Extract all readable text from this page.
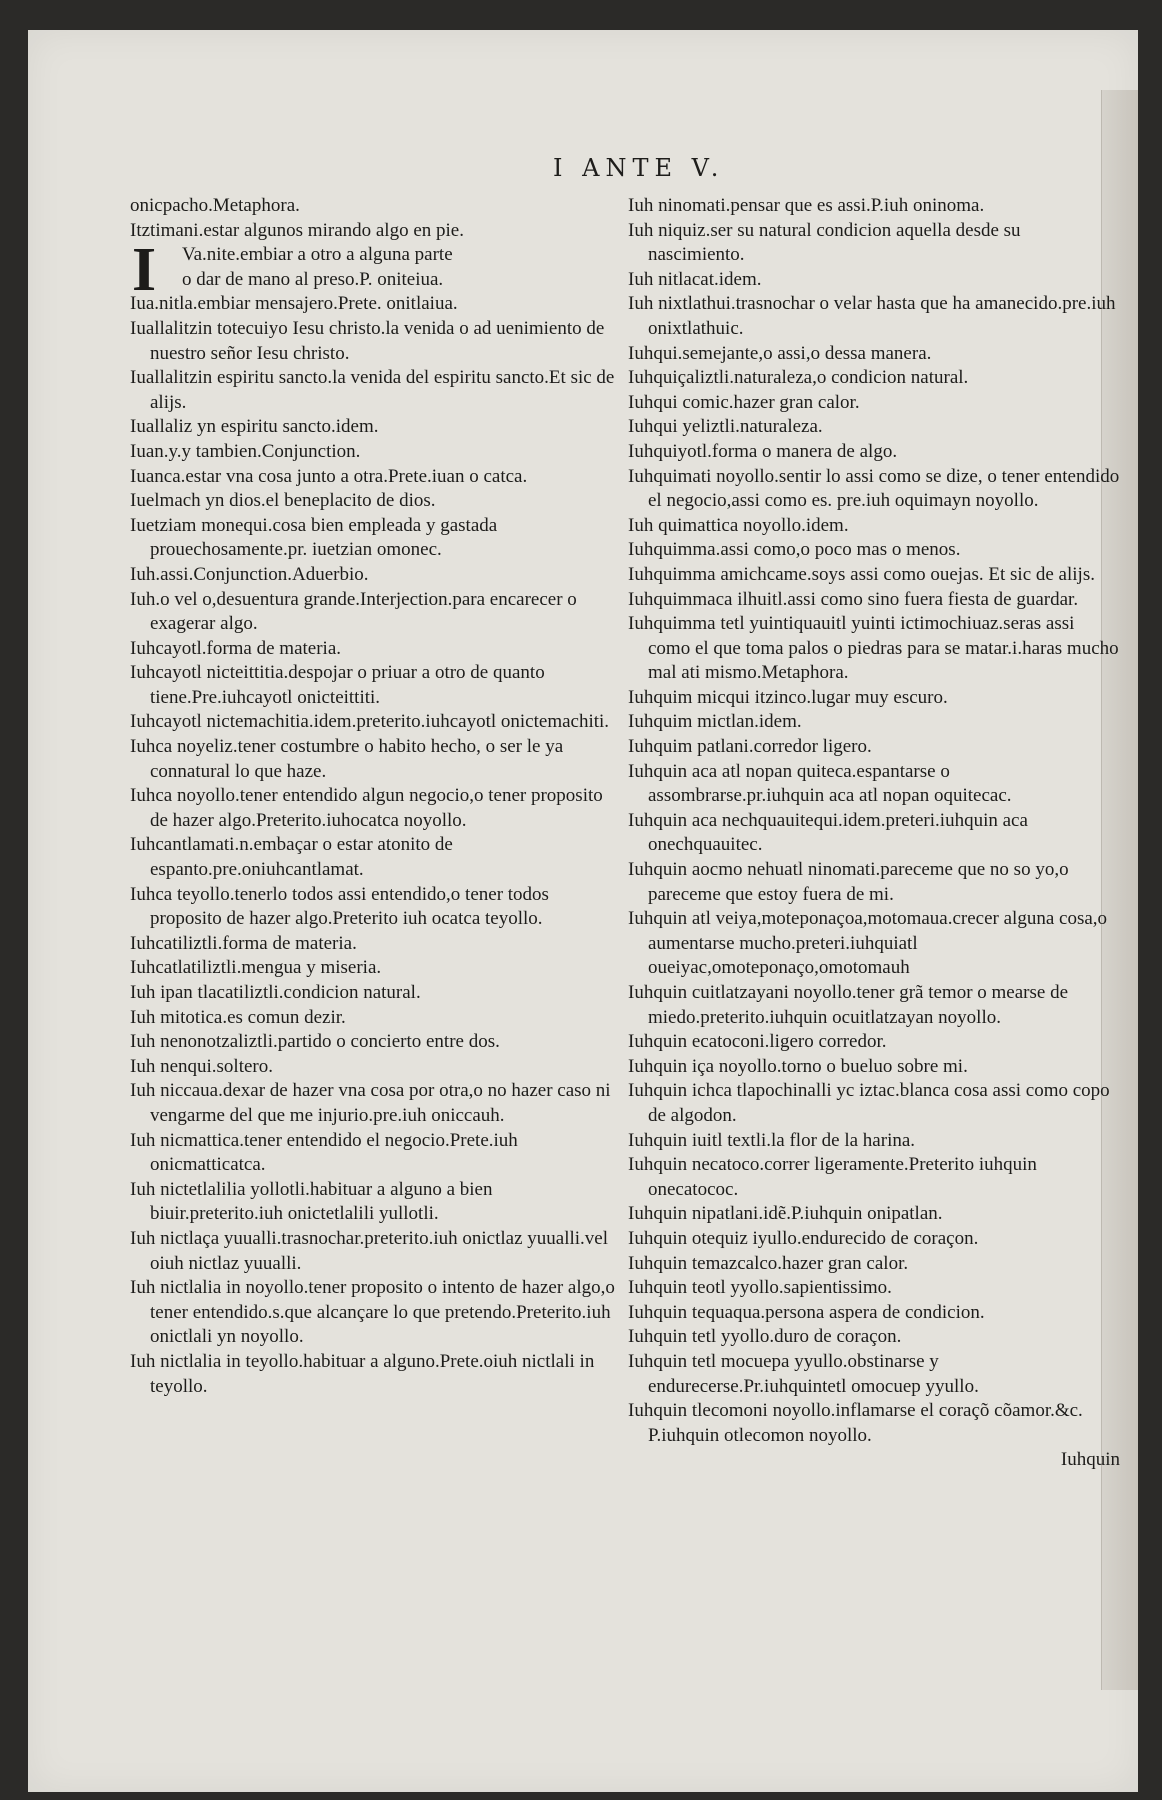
I ANTE V.

onicpacho.Metaphora.

Itztimani.estar algunos mirando algo en pie.

I Va.nite.embiar a otro a alguna parte
o dar de mano al preso.P. oniteiua.

Iua.nitla.embiar mensajero.Prete. onitlaiua.

Iuallalitzin totecuiyo Iesu christo.la venida o ad uenimiento de nuestro señor Iesu christo.

Iuallalitzin espiritu sancto.la venida del espiritu sancto.Et sic de alijs.

Iuallaliz yn espiritu sancto.idem.

Iuan.y.y tambien.Conjunction.

Iuanca.estar vna cosa junto a otra.Prete.iuan o catca.

Iuelmach yn dios.el beneplacito de dios.

Iuetziam monequi.cosa bien empleada y gastada prouechosamente.pr. iuetzian omonec.

Iuh.assi.Conjunction.Aduerbio.

Iuh.o vel o,desuentura grande.Interjection.para encarecer o exagerar algo.

Iuhcayotl.forma de materia.

Iuhcayotl nicteittitia.despojar o priuar a otro de quanto tiene.Pre.iuhcayotl onicteittiti.

Iuhcayotl nictemachitia.idem.preterito.iuhcayotl onictemachiti.

Iuhca noyeliz.tener costumbre o habito hecho, o ser le ya connatural lo que haze.

Iuhca noyollo.tener entendido algun negocio,o tener proposito de hazer algo.Preterito.iuhocatca noyollo.

Iuhcantlamati.n.embaçar o estar atonito de espanto.pre.oniuhcantlamat.

Iuhca teyollo.tenerlo todos assi entendido,o tener todos proposito de hazer algo.Preterito iuh ocatca teyollo.

Iuhcatiliztli.forma de materia.

Iuhcatlatiliztli.mengua y miseria.

Iuh ipan tlacatiliztli.condicion natural.

Iuh mitotica.es comun dezir.

Iuh nenonotzaliztli.partido o concierto entre dos.

Iuh nenqui.soltero.

Iuh niccaua.dexar de hazer vna cosa por otra,o no hazer caso ni vengarme del que me injurio.pre.iuh oniccauh.

Iuh nicmattica.tener entendido el negocio.Prete.iuh onicmatticatca.

Iuh nictetlalilia yollotli.habituar a alguno a bien biuir.preterito.iuh onictetlalili yullotli.

Iuh nictlaça yuualli.trasnochar.preterito.iuh onictlaz yuualli.vel oiuh nictlaz yuualli.

Iuh nictlalia in noyollo.tener proposito o intento de hazer algo,o tener entendido.s.que alcançare lo que pretendo.Preterito.iuh onictlali yn noyollo.

Iuh nictlalia in teyollo.habituar a alguno.Prete.oiuh nictlali in teyollo.

Iuh ninomati.pensar que es assi.P.iuh oninoma.

Iuh niquiz.ser su natural condicion aquella desde su nascimiento.

Iuh nitlacat.idem.

Iuh nixtlathui.trasnochar o velar hasta que ha amanecido.pre.iuh onixtlathuic.

Iuhqui.semejante,o assi,o dessa manera.

Iuhquiçaliztli.naturaleza,o condicion natural.

Iuhqui comic.hazer gran calor.

Iuhqui yeliztli.naturaleza.

Iuhquiyotl.forma o manera de algo.

Iuhquimati noyollo.sentir lo assi como se dize, o tener entendido el negocio,assi como es. pre.iuh oquimayn noyollo.

Iuh quimattica noyollo.idem.

Iuhquimma.assi como,o poco mas o menos.

Iuhquimma amichcame.soys assi como ouejas. Et sic de alijs.

Iuhquimmaca ilhuitl.assi como sino fuera fiesta de guardar.

Iuhquimma tetl yuintiquauitl yuinti ictimochiuaz.seras assi como el que toma palos o piedras para se matar.i.haras mucho mal ati mismo.Metaphora.

Iuhquim micqui itzinco.lugar muy escuro.

Iuhquim mictlan.idem.

Iuhquim patlani.corredor ligero.

Iuhquin aca atl nopan quiteca.espantarse o assombrarse.pr.iuhquin aca atl nopan oquitecac.

Iuhquin aca nechquauitequi.idem.preteri.iuhquin aca onechquauitec.

Iuhquin aocmo nehuatl ninomati.pareceme que no so yo,o pareceme que estoy fuera de mi.

Iuhquin atl veiya,moteponaçoa,motomaua.crecer alguna cosa,o aumentarse mucho.preteri.iuhquiatl oueiyac,omoteponaço,omotomauh

Iuhquin cuitlatzayani noyollo.tener grã temor o mearse de miedo.preterito.iuhquin ocuitlatzayan noyollo.

Iuhquin ecatoconi.ligero corredor.

Iuhquin iça noyollo.torno o bueluo sobre mi.

Iuhquin ichca tlapochinalli yc iztac.blanca cosa assi como copo de algodon.

Iuhquin iuitl textli.la flor de la harina.

Iuhquin necatoco.correr ligeramente.Preterito iuhquin onecatococ.

Iuhquin nipatlani.idẽ.P.iuhquin onipatlan.

Iuhquin otequiz iyullo.endurecido de coraçon.

Iuhquin temazcalco.hazer gran calor.

Iuhquin teotl yyollo.sapientissimo.

Iuhquin tequaqua.persona aspera de condicion.

Iuhquin tetl yyollo.duro de coraçon.

Iuhquin tetl mocuepa yyullo.obstinarse y endurecerse.Pr.iuhquintetl omocuep yyullo.

Iuhquin tlecomoni noyollo.inflamarse el coraçõ cõamor.&c. P.iuhquin otlecomon noyollo.

Iuhquin
